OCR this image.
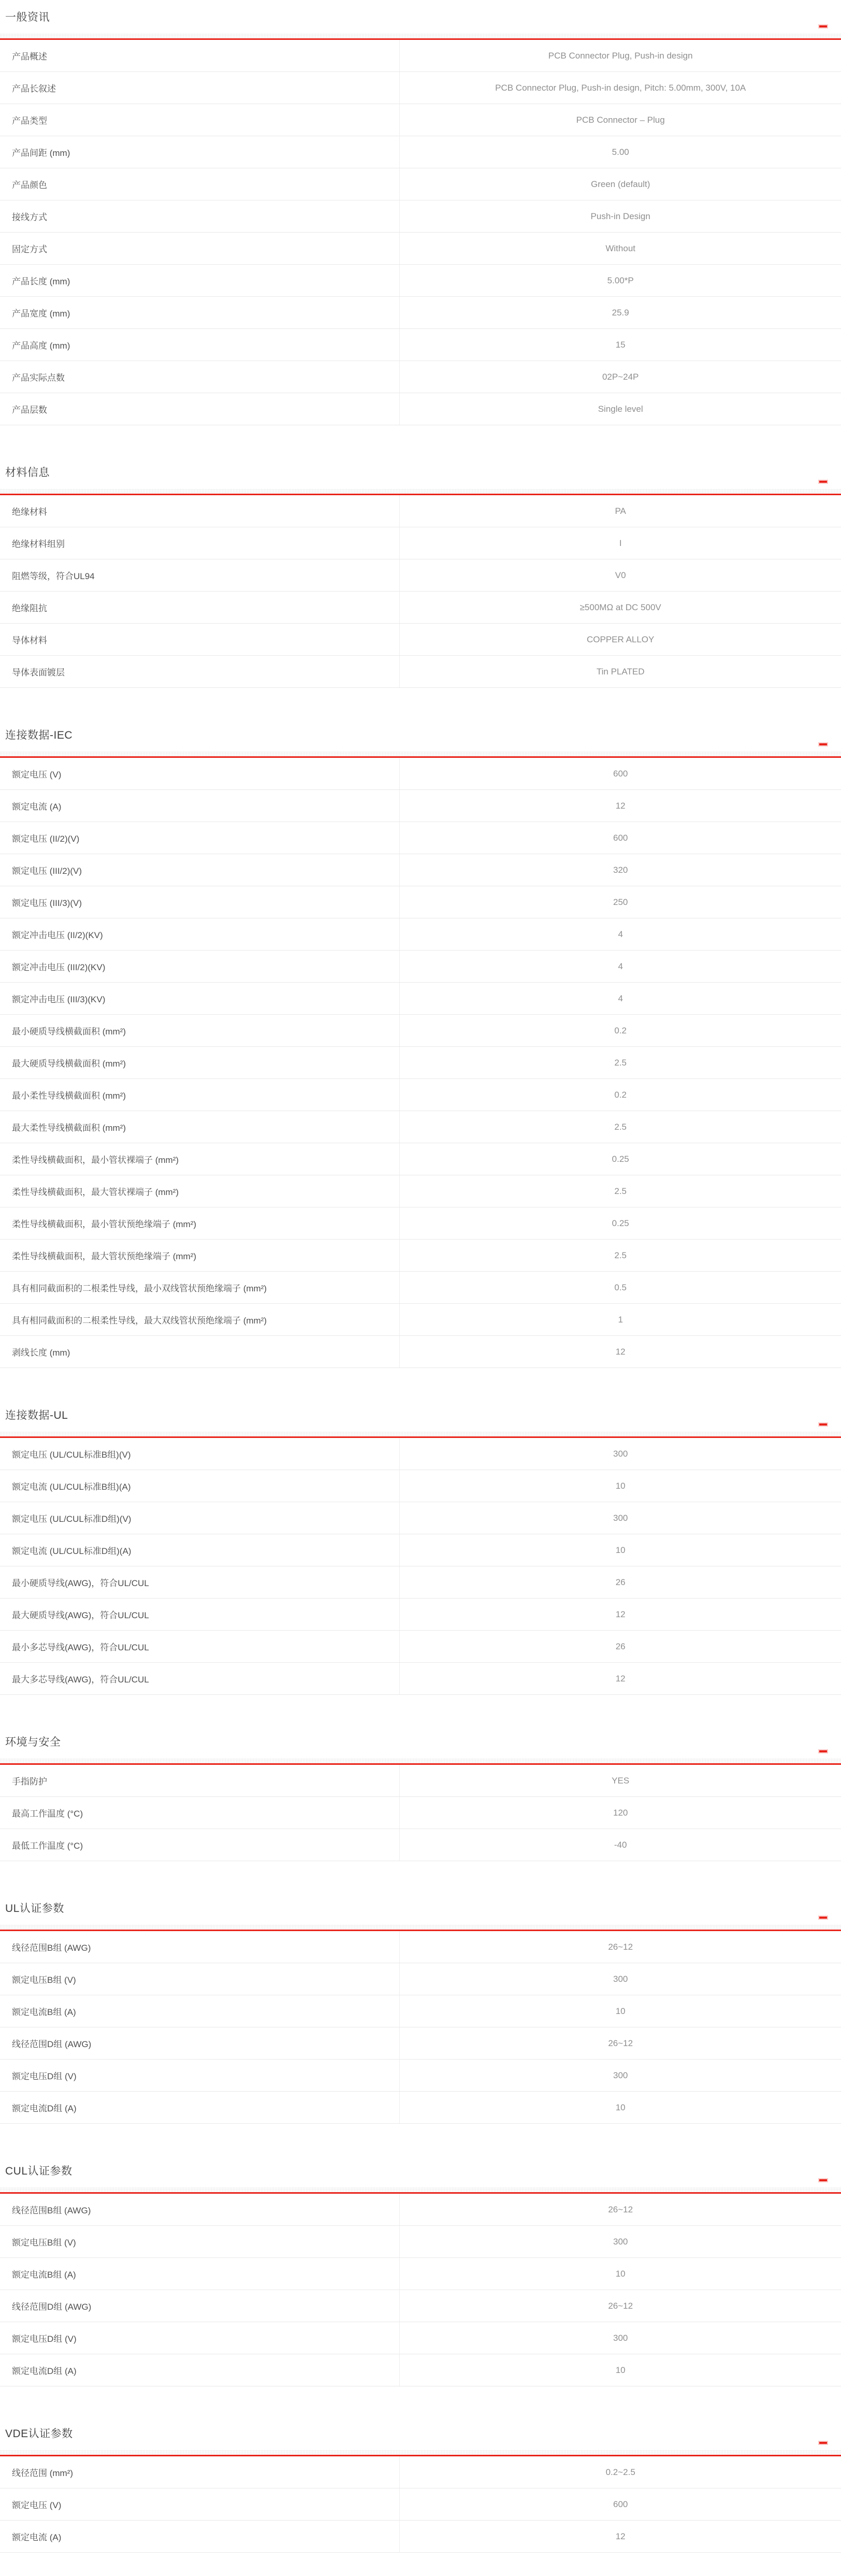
一般资讯
产品概述	PCB Connector Plug, Push-in design
产品长叙述	PCB Connector Plug, Push-in design, Pitch: 5.00mm, 300V, 10A
产品类型	PCB Connector – Plug
产品间距 (mm)	5.00
产品颜色	Green (default)
接线方式	Push-in Design
固定方式	Without
产品长度 (mm)	5.00*P
产品宽度 (mm)	25.9
产品高度 (mm)	15
产品实际点数	02P~24P
产品层数	Single level
材料信息
绝缘材料	PA
绝缘材料组别	I
阻燃等级，符合UL94	V0
绝缘阻抗	≥500MΩ at DC 500V
导体材料	COPPER ALLOY
导体表面镀层	Tin PLATED
连接数据-IEC
额定电压 (V)	600
额定电流 (A)	12
额定电压 (II/2)(V)	600
额定电压 (III/2)(V)	320
额定电压 (III/3)(V)	250
额定冲击电压 (II/2)(KV)	4
额定冲击电压 (III/2)(KV)	4
额定冲击电压 (III/3)(KV)	4
最小硬质导线横截面积 (mm²)	0.2
最大硬质导线横截面积 (mm²)	2.5
最小柔性导线横截面积 (mm²)	0.2
最大柔性导线横截面积 (mm²)	2.5
柔性导线横截面积，最小管状裸端子 (mm²)	0.25
柔性导线横截面积，最大管状裸端子 (mm²)	2.5
柔性导线横截面积，最小管状预绝缘端子 (mm²)	0.25
柔性导线横截面积，最大管状预绝缘端子 (mm²)	2.5
具有相同截面积的二根柔性导线，最小双线管状预绝缘端子 (mm²)	0.5
具有相同截面积的二根柔性导线，最大双线管状预绝缘端子 (mm²)	1
剥线长度 (mm)	12
连接数据-UL
额定电压 (UL/CUL标准B组)(V)	300
额定电流 (UL/CUL标准B组)(A)	10
额定电压 (UL/CUL标准D组)(V)	300
额定电流 (UL/CUL标准D组)(A)	10
最小硬质导线(AWG)，符合UL/CUL	26
最大硬质导线(AWG)，符合UL/CUL	12
最小多芯导线(AWG)，符合UL/CUL	26
最大多芯导线(AWG)，符合UL/CUL	12
环境与安全
手指防护	YES
最高工作温度 (°C)	120
最低工作温度 (°C)	-40
UL认证参数
线径范围B组 (AWG)	26~12
额定电压B组 (V)	300
额定电流B组 (A)	10
线径范围D组 (AWG)	26~12
额定电压D组 (V)	300
额定电流D组 (A)	10
CUL认证参数
线径范围B组 (AWG)	26~12
额定电压B组 (V)	300
额定电流B组 (A)	10
线径范围D组 (AWG)	26~12
额定电压D组 (V)	300
额定电流D组 (A)	10
VDE认证参数
线径范围 (mm²)	0.2~2.5
额定电压 (V)	600
额定电流 (A)	12
